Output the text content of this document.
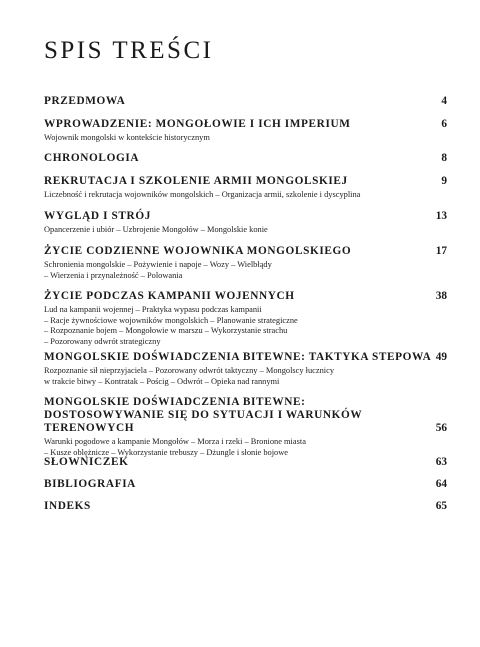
SPIS TREŚCI
PRZEDMOWA	4
WPROWADZENIE: MONGOŁOWIE I ICH IMPERIUM	6
Wojownik mongolski w kontekście historycznym
CHRONOLOGIA	8
REKRUTACJA I SZKOLENIE ARMII MONGOLSKIEJ	9
Liczebność i rekrutacja wojowników mongolskich – Organizacja armii, szkolenie i dyscyplina
WYGLĄD I STRÓJ	13
Opancerzenie i ubiór – Uzbrojenie Mongołów – Mongolskie konie
ŻYCIE CODZIENNE WOJOWNIKA MONGOLSKIEGO	17
Schronienia mongolskie – Pożywienie i napoje – Wozy – Wielbłądy
– Wierzenia i przynależność – Polowania
ŻYCIE PODCZAS KAMPANII WOJENNYCH	38
Lud na kampanii wojennej – Praktyka wypasu podczas kampanii
– Racje żywnościowe wojowników mongolskich – Planowanie strategiczne
– Rozpoznanie bojem – Mongołowie w marszu – Wykorzystanie strachu
– Pozorowany odwrót strategiczny
MONGOLSKIE DOŚWIADCZENIA BITEWNE: TAKTYKA STEPOWA 49
Rozpoznanie sił nieprzyjaciela – Pozorowany odwrót taktyczny – Mongolscy łucznicy
w trakcie bitwy – Kontratak – Pościg – Odwrót – Opieka nad rannymi
MONGOLSKIE DOŚWIADCZENIA BITEWNE: DOSTOSOWYWANIE SIĘ DO SYTUACJI I WARUNKÓW TERENOWYCH	56
Warunki pogodowe a kampanie Mongołów – Morza i rzeki – Bronione miasta
– Kusze oblężnicze – Wykorzystanie trebuszy – Dżungle i słonie bojowe
SŁOWNICZEK	63
BIBLIOGRAFIA	64
INDEKS	65
